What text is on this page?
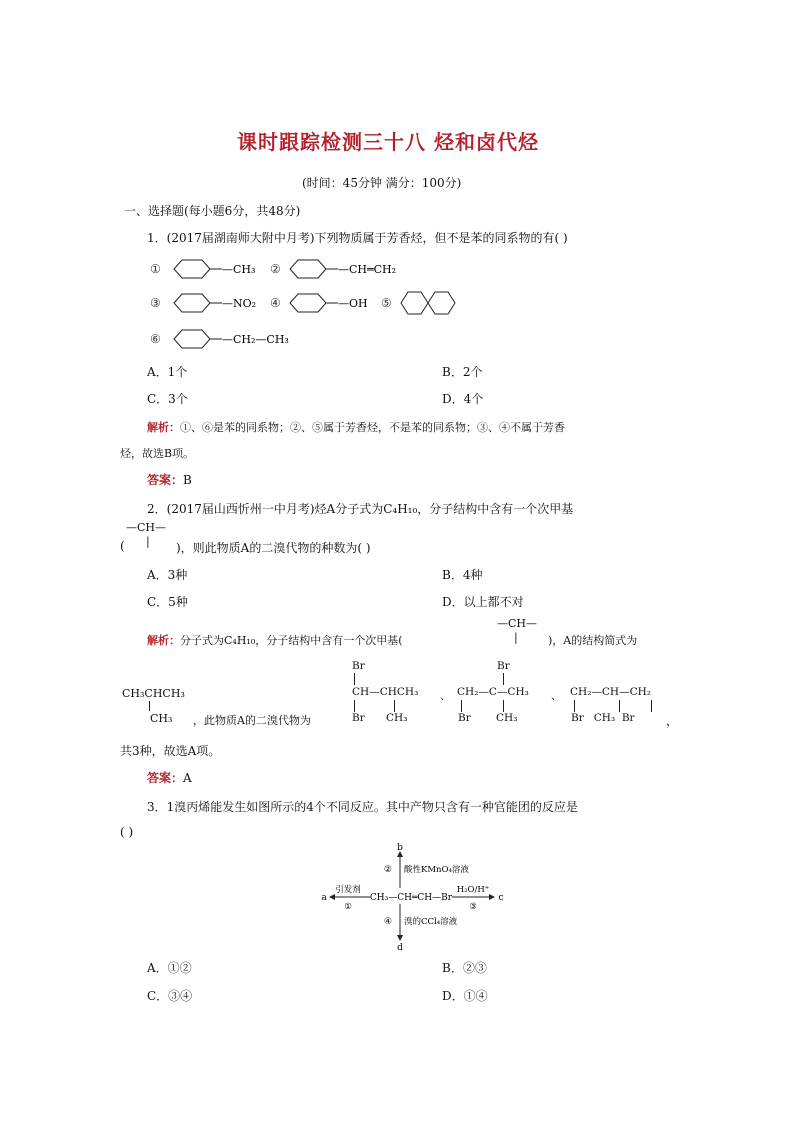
课时跟踪检测三十八 烃和卤代烃
(时间：45分钟 满分：100分)
一、选择题(每小题6分，共48分)
1．(2017届湖南师大附中月考)下列物质属于芳香烃，但不是苯的同系物的有( )
①	②
③	④	⑤
⑥
—CH₃	—CH═CH₂
—NO₂	—OH
—CH₂—CH₃
A．1个	B．2个
C．3个	D．4个
解析：①、⑥是苯的同系物；②、⑤属于芳香烃，不是苯的同系物；③、④不属于芳香
烃，故选B项。
答案：B
2．(2017届山西忻州一中月考)烃A分子式为C₄H₁₀，分子结构中含有一个次甲基
—CH—
( | )，则此物质A的二溴代物的种数为( )
A．3种	B．4种
C．5种	D．以上都不对
解析：分子式为C₄H₁₀，分子结构中含有一个次甲基(
—CH—
|	)，A的结构简式为
CH₃CHCH₃
CH₃ ，此物质A的二溴代物为
Br
CH—CHCH₃
Br CH₃
、
Br
CH₂—C—CH₃
Br CH₃
、 CH₂—CH—CH₂
Br   CH₃  Br	，
共3种，故选A项。
答案：A
3．1溴丙烯能发生如图所示的4个不同反应。其中产物只含有一种官能团的反应是
( )
b
② 酸性KMnO₄溶液
a
引发剂
①
CH₃—CH═CH—Br
H₂O/H⁺
③
c
④ 溴的CCl₄溶液
d
A．①②	B．②③
C．③④	D．①④
